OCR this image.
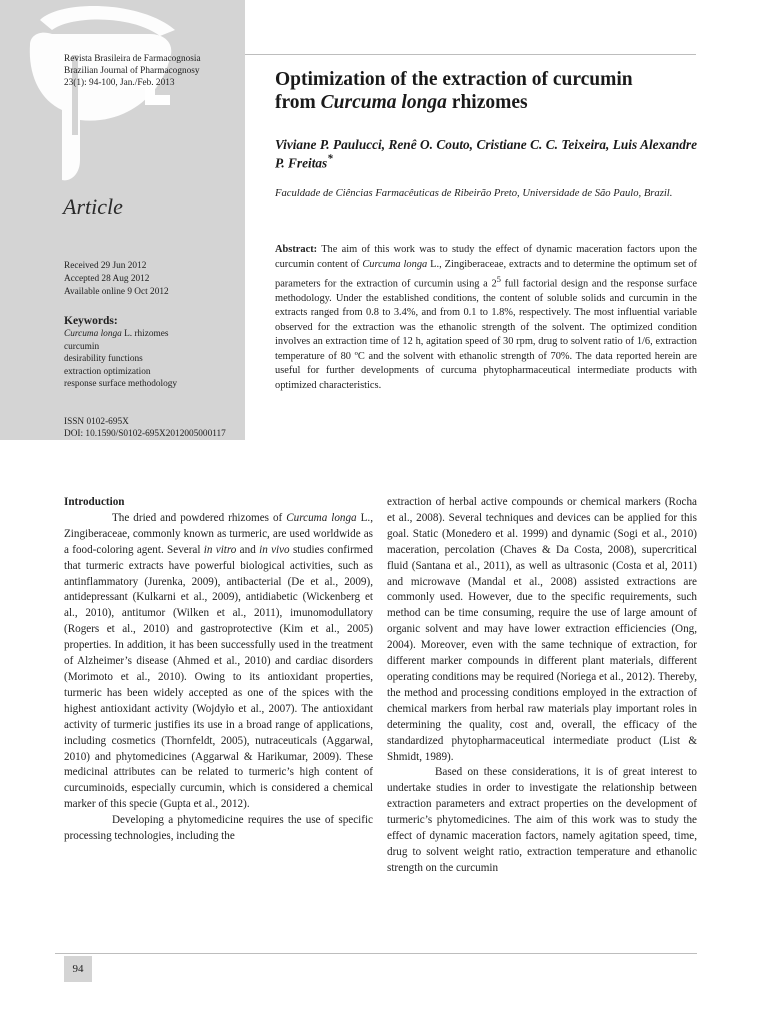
Revista Brasileira de Farmacognosia
Brazilian Journal of Pharmacognosy
23(1): 94-100, Jan./Feb. 2013
Article
Received 29 Jun 2012
Accepted 28 Aug 2012
Available online 9 Oct 2012
Keywords:
Curcuma longa L. rhizomes
curcumin
desirability functions
extraction optimization
response surface methodology
ISSN 0102-695X
DOI: 10.1590/S0102-695X2012005000117
Optimization of the extraction of curcumin
from Curcuma longa rhizomes
Viviane P. Paulucci, Renê O. Couto, Cristiane C. C. Teixeira, Luis Alexandre P. Freitas*
Faculdade de Ciências Farmacêuticas de Ribeirão Preto, Universidade de São Paulo, Brazil.
Abstract: The aim of this work was to study the effect of dynamic maceration factors upon the curcumin content of Curcuma longa L., Zingiberaceae, extracts and to determine the optimum set of parameters for the extraction of curcumin using a $2^5$ full factorial design and the response surface methodology. Under the established conditions, the content of soluble solids and curcumin in the extracts ranged from 0.8 to 3.4%, and from 0.1 to 1.8%, respectively. The most influential variable observed for the extraction was the ethanolic strength of the solvent. The optimized condition involves an extraction time of 12 h, agitation speed of 30 rpm, drug to solvent ratio of 1/6, extraction temperature of 80 ºC and the solvent with ethanolic strength of 70%. The data reported herein are useful for further developments of curcuma phytopharmaceutical intermediate products with optimized characteristics.

Introduction

The dried and powdered rhizomes of Curcuma longa L., Zingiberaceae, commonly known as turmeric, are used worldwide as a food-coloring agent. Several in vitro and in vivo studies confirmed that turmeric extracts have powerful biological activities, such as antinflammatory (Jurenka, 2009), antibacterial (De et al., 2009), antidepressant (Kulkarni et al., 2009), antidiabetic (Wickenberg et al., 2010), antitumor (Wilken et al., 2011), imunomodullatory (Rogers et al., 2010) and gastroprotective (Kim et al., 2005) properties. In addition, it has been successfully used in the treatment of Alzheimer’s disease (Ahmed et al., 2010) and cardiac disorders (Morimoto et al., 2010). Owing to its antioxidant properties, turmeric has been widely accepted as one of the spices with the highest antioxidant activity (Wojdyło et al., 2007). The antioxidant activity of turmeric justifies its use in a broad range of applications, including cosmetics (Thornfeldt, 2005), nutraceuticals (Aggarwal, 2010) and phytomedicines (Aggarwal & Harikumar, 2009). These medicinal attributes can be related to turmeric’s high content of curcuminoids, especially curcumin, which is considered a chemical marker of this specie (Gupta et al., 2012).

Developing a phytomedicine requires the use of specific processing technologies, including the

extraction of herbal active compounds or chemical markers (Rocha et al., 2008). Several techniques and devices can be applied for this goal. Static (Monedero et al. 1999) and dynamic (Sogi et al., 2010) maceration, percolation (Chaves & Da Costa, 2008), supercritical fluid (Santana et al., 2011), as well as ultrasonic (Costa et al, 2011) and microwave (Mandal et al., 2008) assisted extractions are commonly used. However, due to the specific requirements, such method can be time consuming, require the use of large amount of organic solvent and may have lower extraction efficiencies (Ong, 2004). Moreover, even with the same technique of extraction, for different marker compounds in different plant materials, different operating conditions may be required (Noriega et al., 2012). Thereby, the method and processing conditions employed in the extraction of chemical markers from herbal raw materials play important roles in determining the quality, cost and, overall, the efficacy of the standardized phytopharmaceutical intermediate product (List & Shmidt, 1989).

Based on these considerations, it is of great interest to undertake studies in order to investigate the relationship between extraction parameters and extract properties on the development of turmeric’s phytomedicines. The aim of this work was to study the effect of dynamic maceration factors, namely agitation speed, time, drug to solvent weight ratio, extraction temperature and ethanolic strength on the curcumin

94
